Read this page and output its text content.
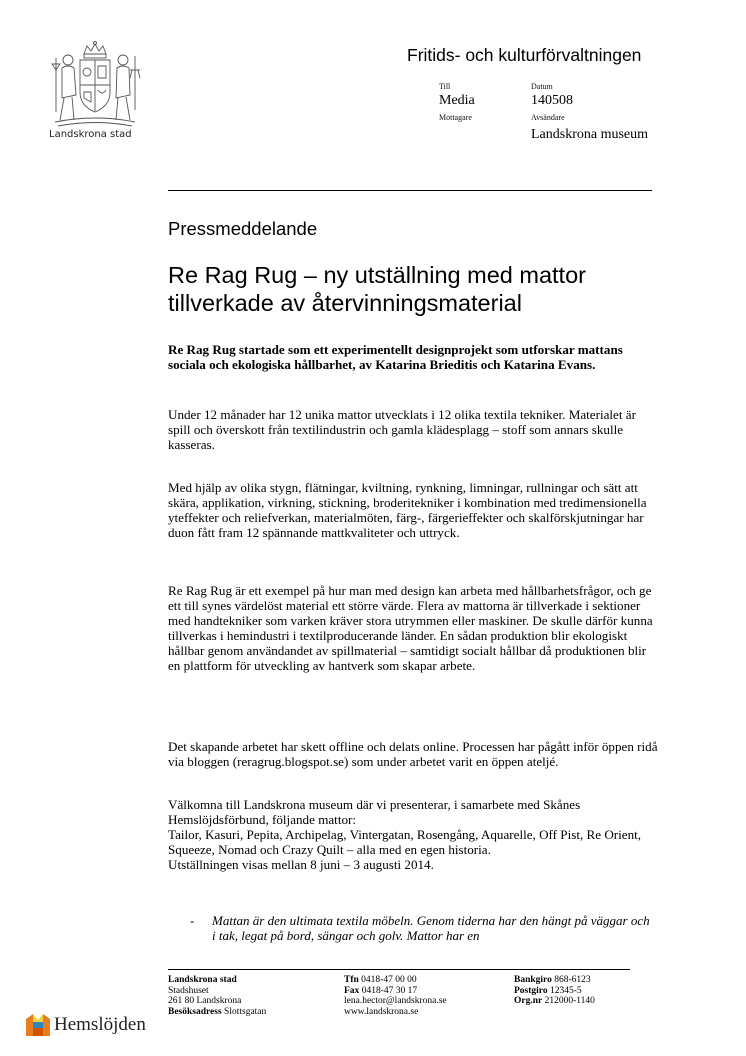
Landskrona stad
Fritids- och kulturförvaltningen
Till
Media
Mottagare
Datum
140508
Avsändare
Landskrona museum
Pressmeddelande
Re Rag Rug – ny utställning med mattor tillverkade av återvinningsmaterial
Re Rag Rug startade som ett experimentellt designprojekt som utforskar mattans sociala och ekologiska hållbarhet, av Katarina Brieditis och Katarina Evans.
Under 12 månader har 12 unika mattor utvecklats i 12 olika textila tekniker. Materialet är spill och överskott från textilindustrin och gamla klädesplagg – stoff som annars skulle kasseras.
Med hjälp av olika stygn, flätningar, kviltning, rynkning, limningar, rullningar och sätt att skära, applikation, virkning, stickning, broderitekniker i kombination med tredimensionella yteffekter och reliefverkan, materialmöten, färg-, färgerieffekter och skalförskjutningar har duon fått fram 12 spännande mattkvaliteter och uttryck.
Re Rag Rug är ett exempel på hur man med design kan arbeta med hållbarhetsfrågor, och ge ett till synes värdelöst material ett större värde. Flera av mattorna är tillverkade i sektioner med handtekniker som varken kräver stora utrymmen eller maskiner. De skulle därför kunna tillverkas i hemindustri i textilproducerande länder. En sådan produktion blir ekologiskt hållbar genom användandet av spillmaterial – samtidigt socialt hållbar då produktionen blir en plattform för utveckling av hantverk som skapar arbete.
Det skapande arbetet har skett offline och delats online. Processen har pågått inför öppen ridå via bloggen (reragrug.blogspot.se) som under arbetet varit en öppen ateljé.

Välkomna till Landskrona museum där vi presenterar, i samarbete med Skånes Hemslöjdsförbund, följande mattor:

Tailor, Kasuri, Pepita, Archipelag, Vintergatan, Rosengång, Aquarelle, Off Pist, Re Orient, Squeeze, Nomad och Crazy Quilt – alla med en egen historia.

Utställningen visas mellan 8 juni – 3 augusti 2014.

- Mattan är den ultimata textila möbeln. Genom tiderna har den hängt på väggar och i tak, legat på bord, sängar och golv. Mattor har en
Landskrona stad
Stadshuset
261 80 Landskrona
Besöksadress Slottsgatan
Tfn 0418-47 00 00
Fax 0418-47 30 17
lena.hector@landskrona.se
www.landskrona.se
Bankgiro 868-6123
Postgiro 12345-5
Org.nr 212000-1140
Hemslöjden
